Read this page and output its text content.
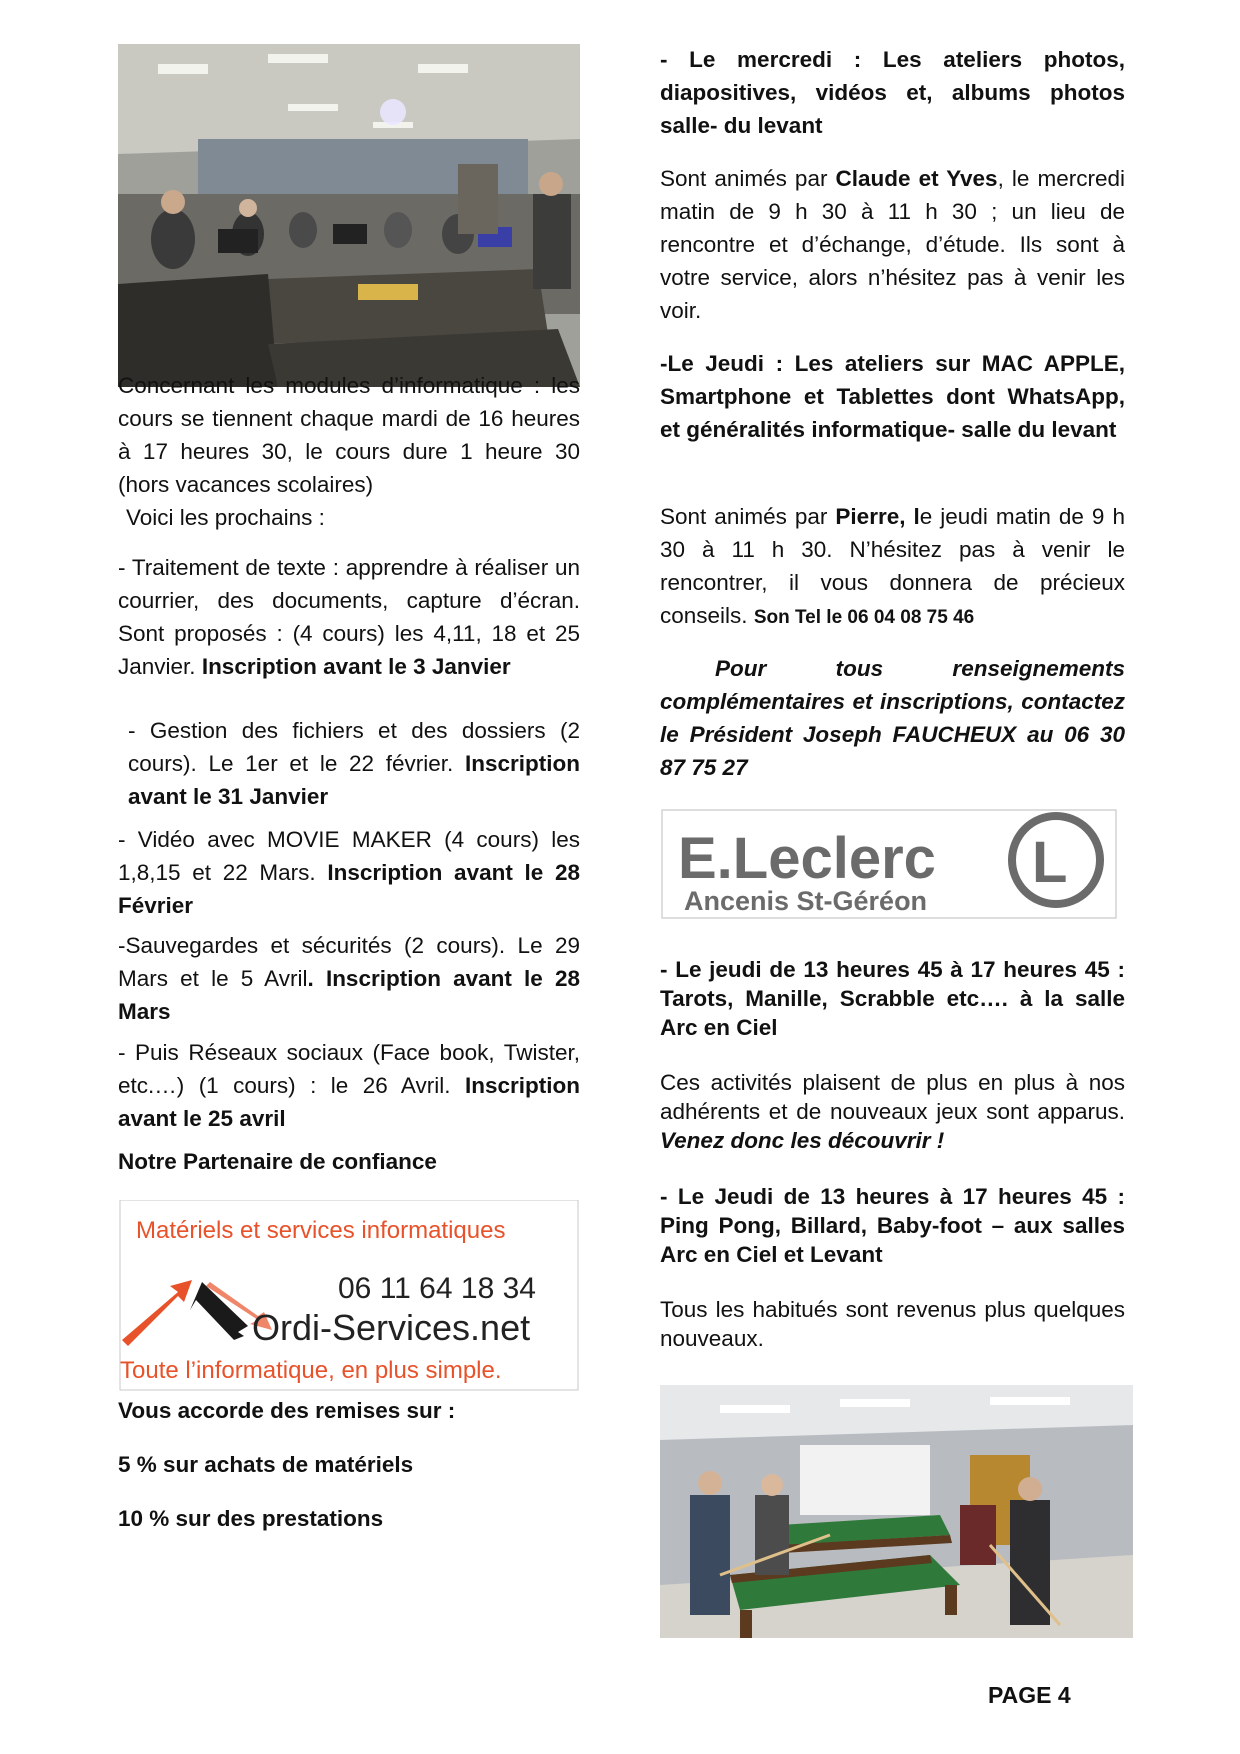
Concernant les modules d’informatique : les cours se tiennent chaque mardi de 16 heures à 17 heures 30, le cours dure 1 heure 30 (hors vacances scolaires)

Voici les prochains :

- Traitement de texte : apprendre à réaliser un courrier, des documents, capture d’écran. Sont proposés : (4 cours) les 4,11, 18 et 25 Janvier. Inscription avant le 3 Janvier

- Gestion des fichiers et des dossiers (2 cours). Le 1er et le 22 février. Inscription avant le 31 Janvier

- Vidéo avec MOVIE MAKER (4 cours) les 1,8,15 et 22 Mars. Inscription avant le 28 Février

-Sauvegardes et sécurités (2 cours). Le 29 Mars et le 5 Avril. Inscription avant le 28 Mars

- Puis Réseaux sociaux (Face book, Twister, etc.…) (1 cours) : le 26 Avril. Inscription avant le 25 avril

Notre Partenaire de confiance

Matériels et services informatiques
06 11 64 18 34
Ordi-Services.net
Toute l’informatique, en plus simple.

Vous accorde des remises sur :

5 % sur achats de matériels

10 % sur des prestations

- Le mercredi : Les ateliers photos, diapositives, vidéos et, albums photos salle- du levant

Sont animés par Claude et Yves, le mercredi matin de 9 h 30 à 11 h 30 ; un lieu de rencontre et d’échange, d’étude. Ils sont à votre service, alors n’hésitez pas à venir les voir.

-Le Jeudi : Les ateliers sur MAC APPLE, Smartphone et Tablettes dont WhatsApp, et généralités informatique- salle du levant

Sont animés par Pierre, le jeudi matin de 9 h 30 à 11 h 30. N’hésitez pas à venir le rencontrer, il vous donnera de précieux conseils. Son Tel le 06 04 08 75 46

Pour tous renseignements complémentaires et inscriptions, contactez le Président Joseph FAUCHEUX au 06 30 87 75 27

E.Leclerc L
Ancenis St-Géréon

- Le jeudi de 13 heures 45 à 17 heures 45 : Tarots, Manille, Scrabble etc…. à la salle Arc en Ciel

Ces activités plaisent de plus en plus à nos adhérents et de nouveaux jeux sont apparus. Venez donc les découvrir !

- Le Jeudi de 13 heures à 17 heures 45 : Ping Pong, Billard, Baby-foot – aux salles Arc en Ciel et Levant

Tous les habitués sont revenus plus quelques nouveaux.

PAGE 4
